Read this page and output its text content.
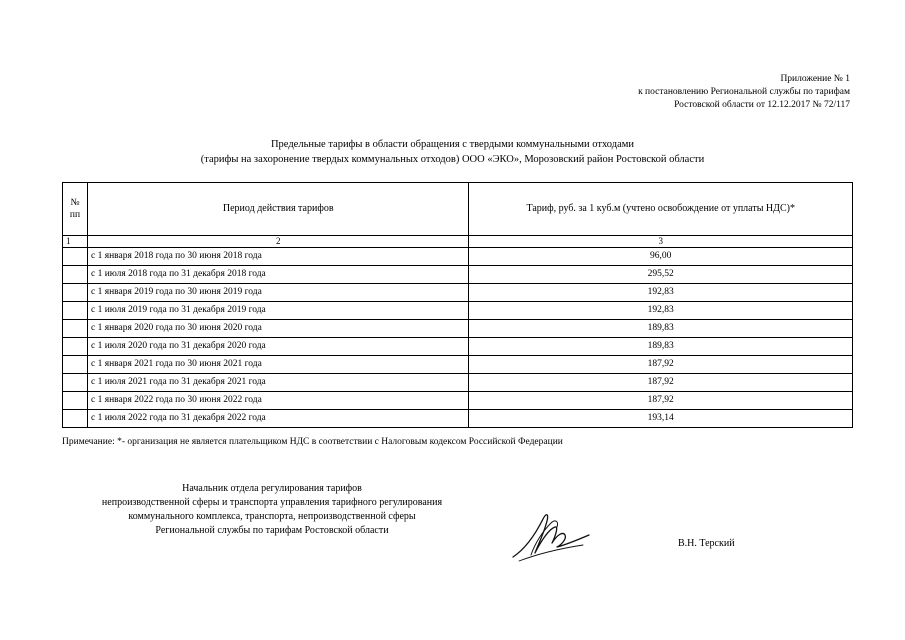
Приложение № 1
к постановлению Региональной службы по тарифам
Ростовской области от 12.12.2017 № 72/117
Предельные тарифы в области обращения с твердыми коммунальными отходами
(тарифы на захоронение твердых коммунальных отходов) ООО «ЭКО», Морозовский район Ростовской области
№
пп	Период действия тарифов	Тариф, руб. за 1 куб.м (учтено освобождение от уплаты НДС)*
1	2	3
	с 1 января 2018 года по 30 июня 2018 года	96,00
	с 1 июля 2018 года по 31 декабря 2018 года	295,52
	с 1 января 2019 года по 30 июня 2019 года	192,83
	с 1 июля 2019 года по 31 декабря 2019 года	192,83
	с 1 января 2020 года по 30 июня 2020 года	189,83
	с 1 июля 2020 года по 31 декабря 2020 года	189,83
	с 1 января 2021 года по 30 июня 2021 года	187,92
	с 1 июля 2021 года по 31 декабря 2021 года	187,92
	с 1 января 2022 года по 30 июня 2022 года	187,92
	с 1 июля 2022 года по 31 декабря 2022 года	193,14
Примечание: *- организация не является плательщиком НДС в соответствии с Налоговым кодексом Российской Федерации
Начальник отдела регулирования тарифов
непроизводственной сферы и транспорта управления тарифного регулирования
коммунального комплекса, транспорта, непроизводственной сферы
Региональной службы по тарифам Ростовской области
В.Н. Терский
